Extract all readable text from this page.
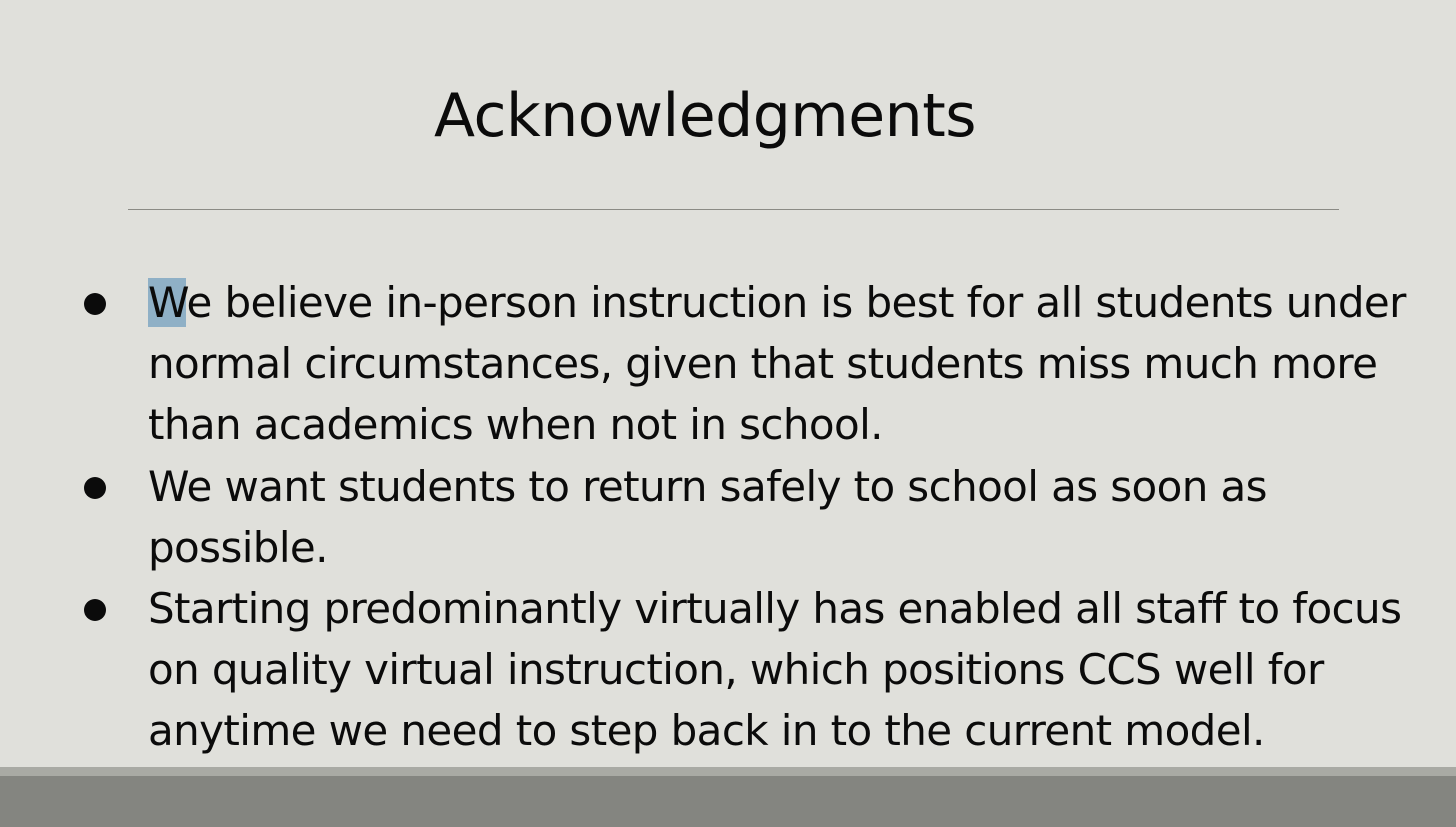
Acknowledgments
We believe in-person instruction is best for all students under normal circumstances, given that students miss much more than academics when not in school.
We want students to return safely to school as soon as possible.
Starting predominantly virtually has enabled all staff to focus on quality virtual instruction, which positions CCS well for anytime we need to step back in to the current model.
